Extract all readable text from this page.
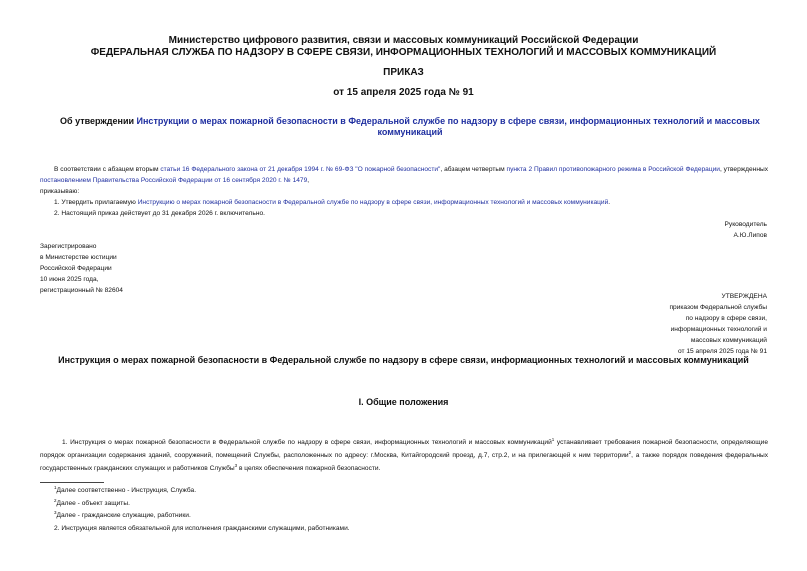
Министерство цифрового развития, связи и массовых коммуникаций Российской Федерации
ФЕДЕРАЛЬНАЯ СЛУЖБА ПО НАДЗОРУ В СФЕРЕ СВЯЗИ, ИНФОРМАЦИОННЫХ ТЕХНОЛОГИЙ И МАССОВЫХ КОММУНИКАЦИЙ
ПРИКАЗ
от 15 апреля 2025 года № 91
Об утверждении Инструкции о мерах пожарной безопасности в Федеральной службе по надзору в сфере связи, информационных технологий и массовых коммуникаций
В соответствии с абзацем вторым статьи 16 Федерального закона от 21 декабря 1994 г. № 69-ФЗ "О пожарной безопасности", абзацем четвертым пункта 2 Правил противопожарного режима в Российской Федерации, утвержденных постановлением Правительства Российской Федерации от 16 сентября 2020 г. № 1479,
приказываю:
1. Утвердить прилагаемую Инструкцию о мерах пожарной безопасности в Федеральной службе по надзору в сфере связи, информационных технологий и массовых коммуникаций.
2. Настоящий приказ действует до 31 декабря 2026 г. включительно.
Руководитель
А.Ю.Липов
Зарегистрировано
в Министерстве юстиции
Российской Федерации
10 июня 2025 года,
регистрационный № 82604
УТВЕРЖДЕНА
приказом Федеральной службы
по надзору в сфере связи,
информационных технологий и
массовых коммуникаций
от 15 апреля 2025 года № 91
Инструкция о мерах пожарной безопасности в Федеральной службе по надзору в сфере связи, информационных технологий и массовых коммуникаций
I. Общие положения
1. Инструкция о мерах пожарной безопасности в Федеральной службе по надзору в сфере связи, информационных технологий и массовых коммуникаций$^1$ устанавливает требования пожарной безопасности, определяющие порядок организации содержания зданий, сооружений, помещений Службы, расположенных по адресу: г.Москва, Китайгородский проезд, д.7, стр.2, и на прилегающей к ним территории$^2$, а также порядок поведения федеральных государственных гражданских служащих и работников Службы$^3$ в целях обеспечения пожарной безопасности.
$^1$Далее соответственно - Инструкция, Служба.
$^2$Далее - объект защиты.
$^3$Далее - гражданские служащие, работники.
2. Инструкция является обязательной для исполнения гражданскими служащими, работниками.
